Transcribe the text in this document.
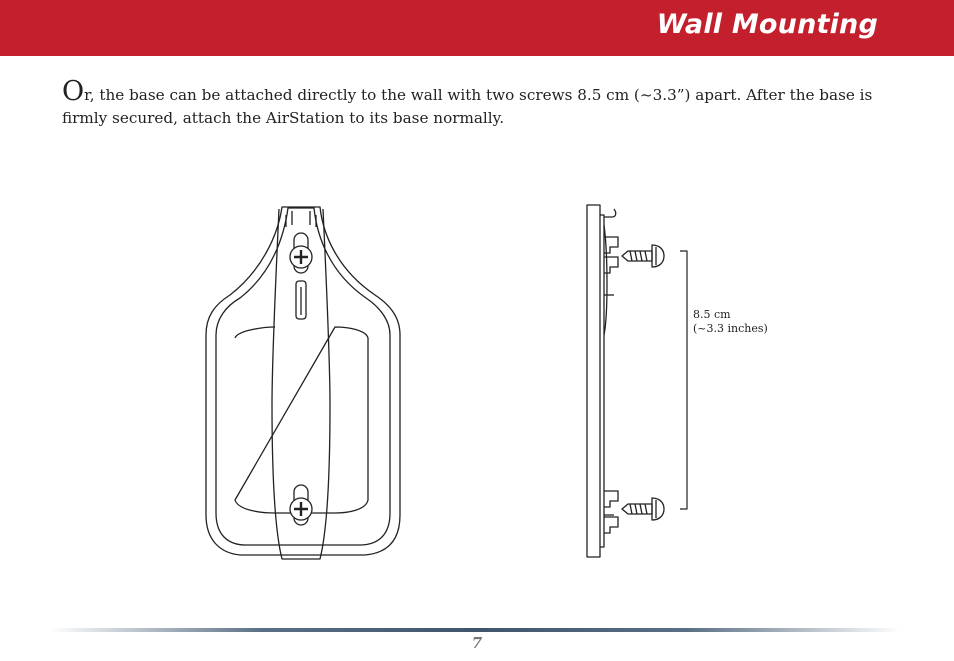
Wall Mounting
Or, the base can be attached directly to the wall with two screws 8.5 cm (~3.3”) apart. After the base is firmly secured, attach the AirStation to its base normally.
8.5 cm
(~3.3 inches)
7
